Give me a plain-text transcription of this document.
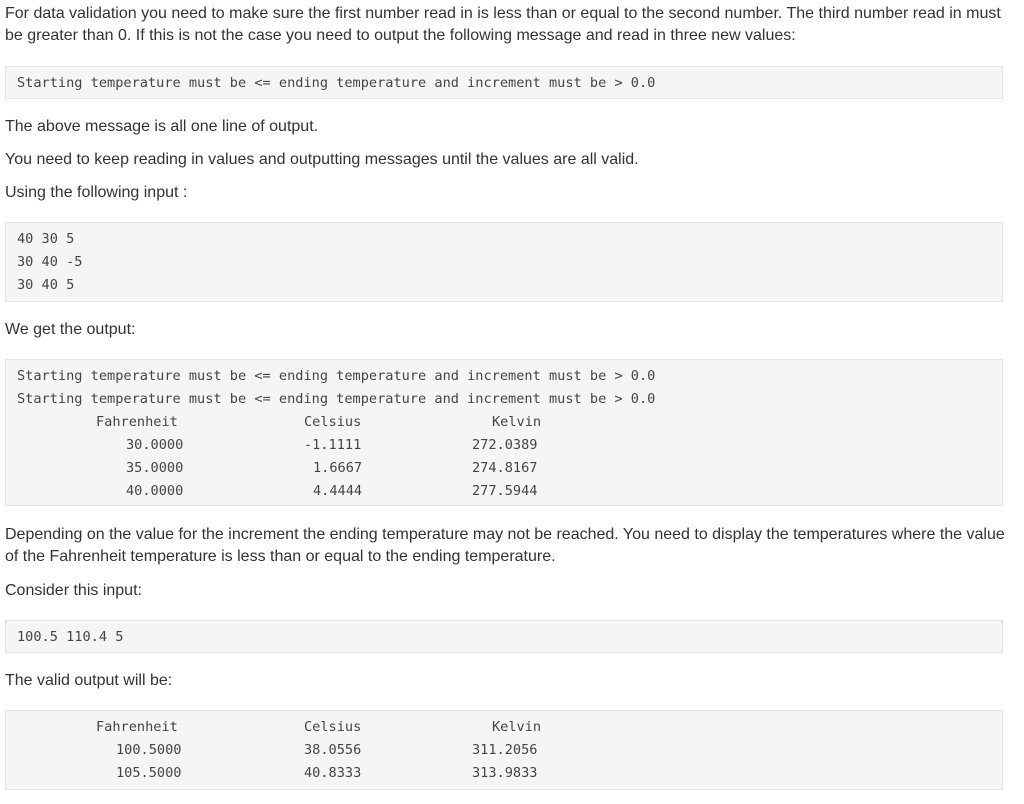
For data validation you need to make sure the first number read in is less than or equal to the second number. The third number read in must be greater than 0. If this is not the case you need to output the following message and read in three new values:

Starting temperature must be <= ending temperature and increment must be > 0.0

The above message is all one line of output.

You need to keep reading in values and outputting messages until the values are all valid.

Using the following input :

40 30 5
30 40 -5
30 40 5

We get the output:

Starting temperature must be <= ending temperature and increment must be > 0.0
Starting temperature must be <= ending temperature and increment must be > 0.0
Fahrenheit	Celsius	Kelvin
30.0000	-1.1111	272.0389
35.0000	1.6667	274.8167
40.0000	4.4444	277.5944

Depending on the value for the increment the ending temperature may not be reached. You need to display the temperatures where the value of the Fahrenheit temperature is less than or equal to the ending temperature.

Consider this input:

100.5 110.4 5

The valid output will be:

Fahrenheit	Celsius	Kelvin
100.5000	38.0556	311.2056
105.5000	40.8333	313.9833
